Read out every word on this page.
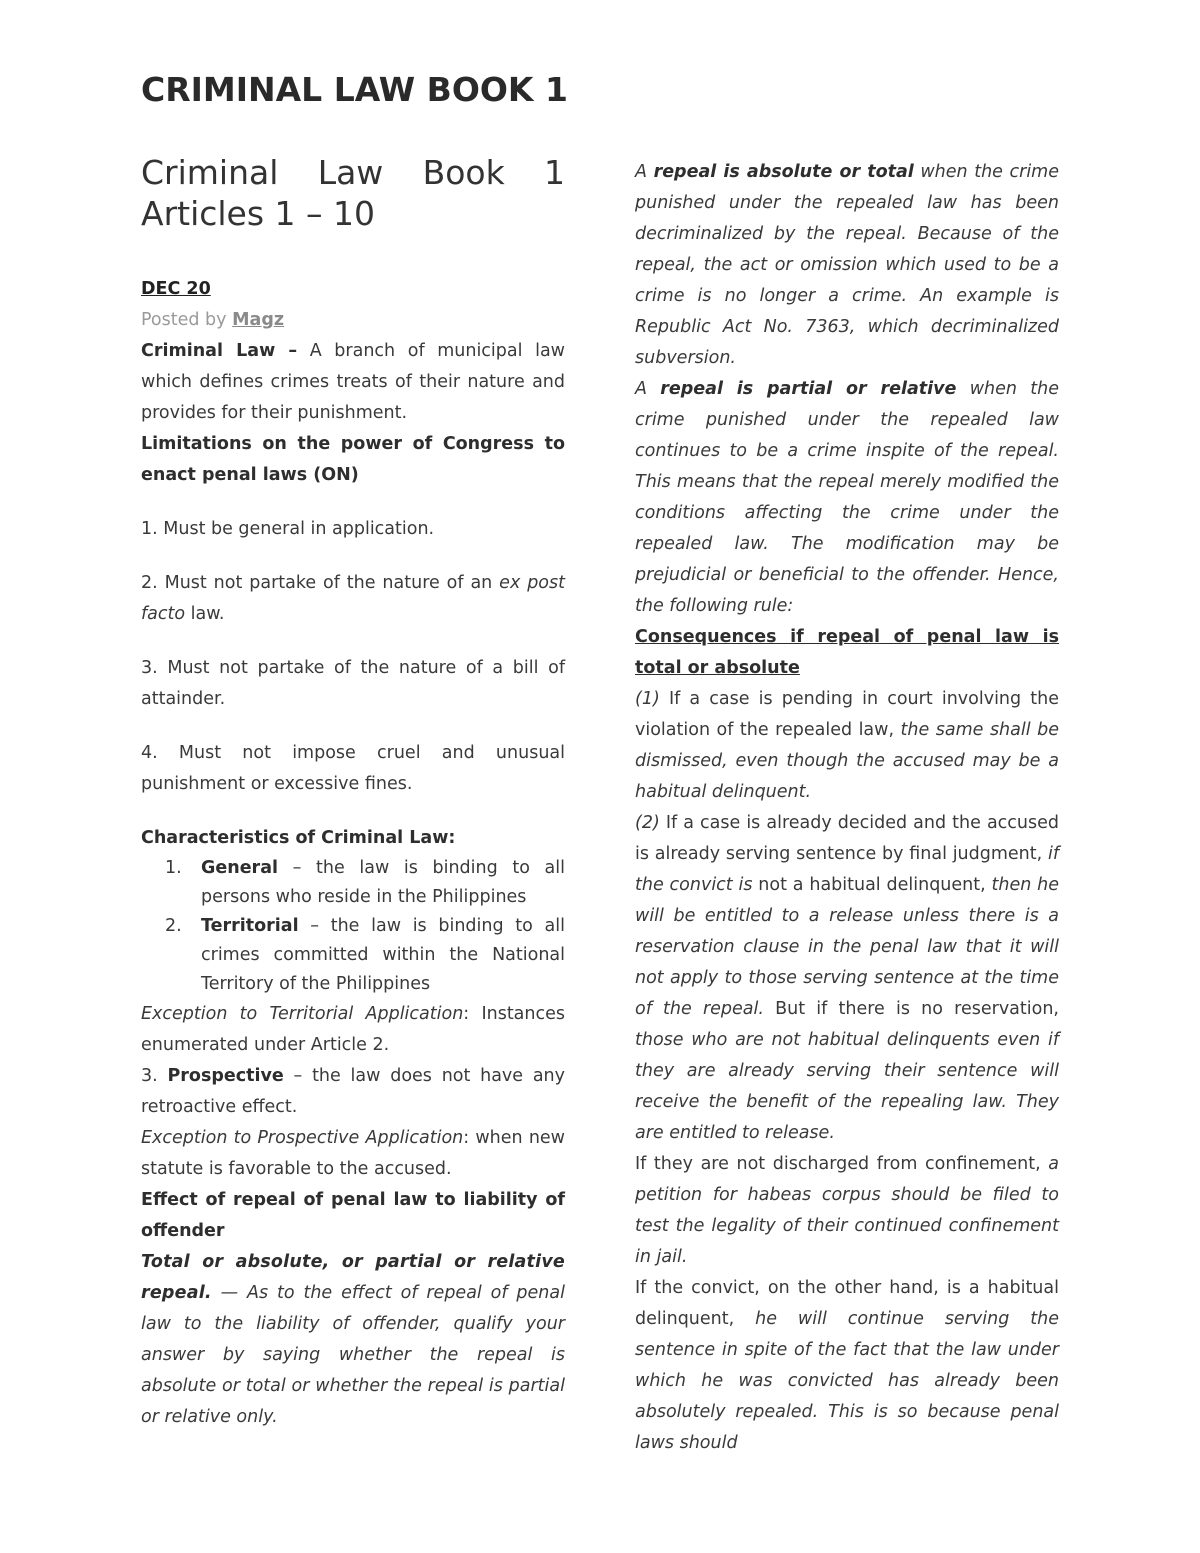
CRIMINAL LAW BOOK 1
Criminal Law Book 1 Articles 1 – 10

DEC 20

Posted by Magz

Criminal Law – A branch of municipal law which defines crimes treats of their nature and provides for their punishment.

Limitations on the power of Congress to enact penal laws (ON)

1. Must be general in application.

2. Must not partake of the nature of an ex post facto law.

3. Must not partake of the nature of a bill of attainder.

4. Must not impose cruel and unusual punishment or excessive fines.

Characteristics of Criminal Law:

1. General – the law is binding to all persons who reside in the Philippines
2. Territorial – the law is binding to all crimes committed within the National Territory of the Philippines

Exception to Territorial Application: Instances enumerated under Article 2.

3. Prospective – the law does not have any retroactive effect.

Exception to Prospective Application: when new statute is favorable to the accused.

Effect of repeal of penal law to liability of offender

Total or absolute, or partial or relative repeal. — As to the effect of repeal of penal law to the liability of offender, qualify your answer by saying whether the repeal is absolute or total or whether the repeal is partial or relative only.

A repeal is absolute or total when the crime punished under the repealed law has been decriminalized by the repeal. Because of the repeal, the act or omission which used to be a crime is no longer a crime. An example is Republic Act No. 7363, which decriminalized subversion.

A repeal is partial or relative when the crime punished under the repealed law continues to be a crime inspite of the repeal. This means that the repeal merely modified the conditions affecting the crime under the repealed law. The modification may be prejudicial or beneficial to the offender. Hence, the following rule:

Consequences if repeal of penal law is total or absolute

(1) If a case is pending in court involving the violation of the repealed law, the same shall be dismissed, even though the accused may be a habitual delinquent.

(2) If a case is already decided and the accused is already serving sentence by final judgment, if the convict is not a habitual delinquent, then he will be entitled to a release unless there is a reservation clause in the penal law that it will not apply to those serving sentence at the time of the repeal. But if there is no reservation, those who are not habitual delinquents even if they are already serving their sentence will receive the benefit of the repealing law. They are entitled to release.

If they are not discharged from confinement, a petition for habeas corpus should be filed to test the legality of their continued confinement in jail.

If the convict, on the other hand, is a habitual delinquent, he will continue serving the sentence in spite of the fact that the law under which he was convicted has already been absolutely repealed. This is so because penal laws should
